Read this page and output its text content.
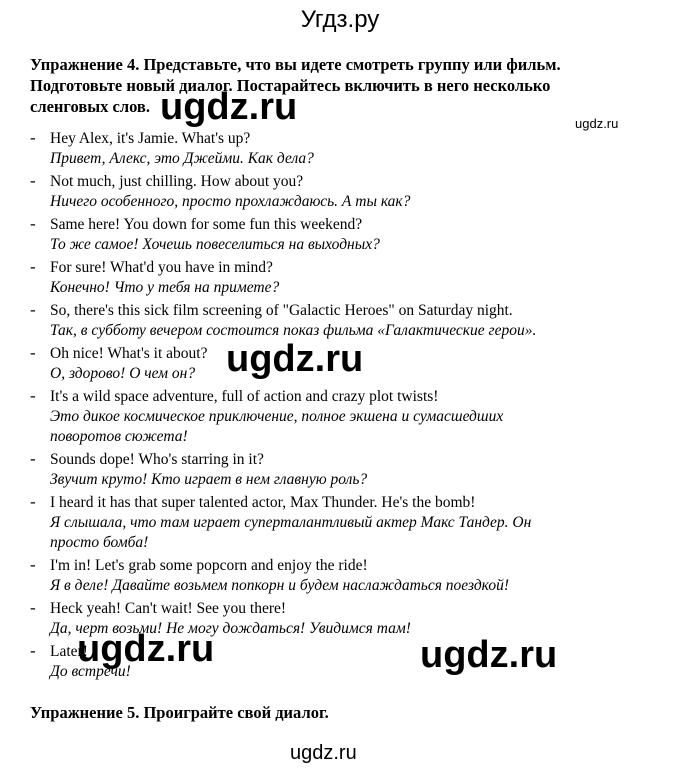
Угдз.ру
Упражнение 4. Представьте, что вы идете смотреть группу или фильм.
Подготовьте новый диалог. Постарайтесь включить в него несколько
сленговых слов.
- Hey Alex, it's Jamie. What's up?
Привет, Алекс, это Джейми. Как дела?
- Not much, just chilling. How about you?
Ничего особенного, просто прохлаждаюсь. А ты как?
- Same here! You down for some fun this weekend?
То же самое! Хочешь повеселиться на выходных?
- For sure! What'd you have in mind?
Конечно! Что у тебя на примете?
- So, there's this sick film screening of "Galactic Heroes" on Saturday night.
Так, в субботу вечером состоится показ фильма «Галактические герои».
- Oh nice! What's it about?
О, здорово! О чем он?
- It's a wild space adventure, full of action and crazy plot twists!
Это дикое космическое приключение, полное экшена и сумасшедших
поворотов сюжета!
- Sounds dope! Who's starring in it?
Звучит круто! Кто играет в нем главную роль?
- I heard it has that super talented actor, Max Thunder. He's the bomb!
Я слышала, что там играет суперталантливый актер Макс Тандер. Он
просто бомба!
- I'm in! Let's grab some popcorn and enjoy the ride!
Я в деле! Давайте возьмем попкорн и будем наслаждаться поездкой!
- Heck yeah! Can't wait! See you there!
Да, черт возьми! Не могу дождаться! Увидимся там!
- Later!
До встречи!
Упражнение 5. Проиграйте свой диалог.
ugdz.ru	ugdz.ru
ugdz.ru
ugdz.ru	ugdz.ru
ugdz.ru
